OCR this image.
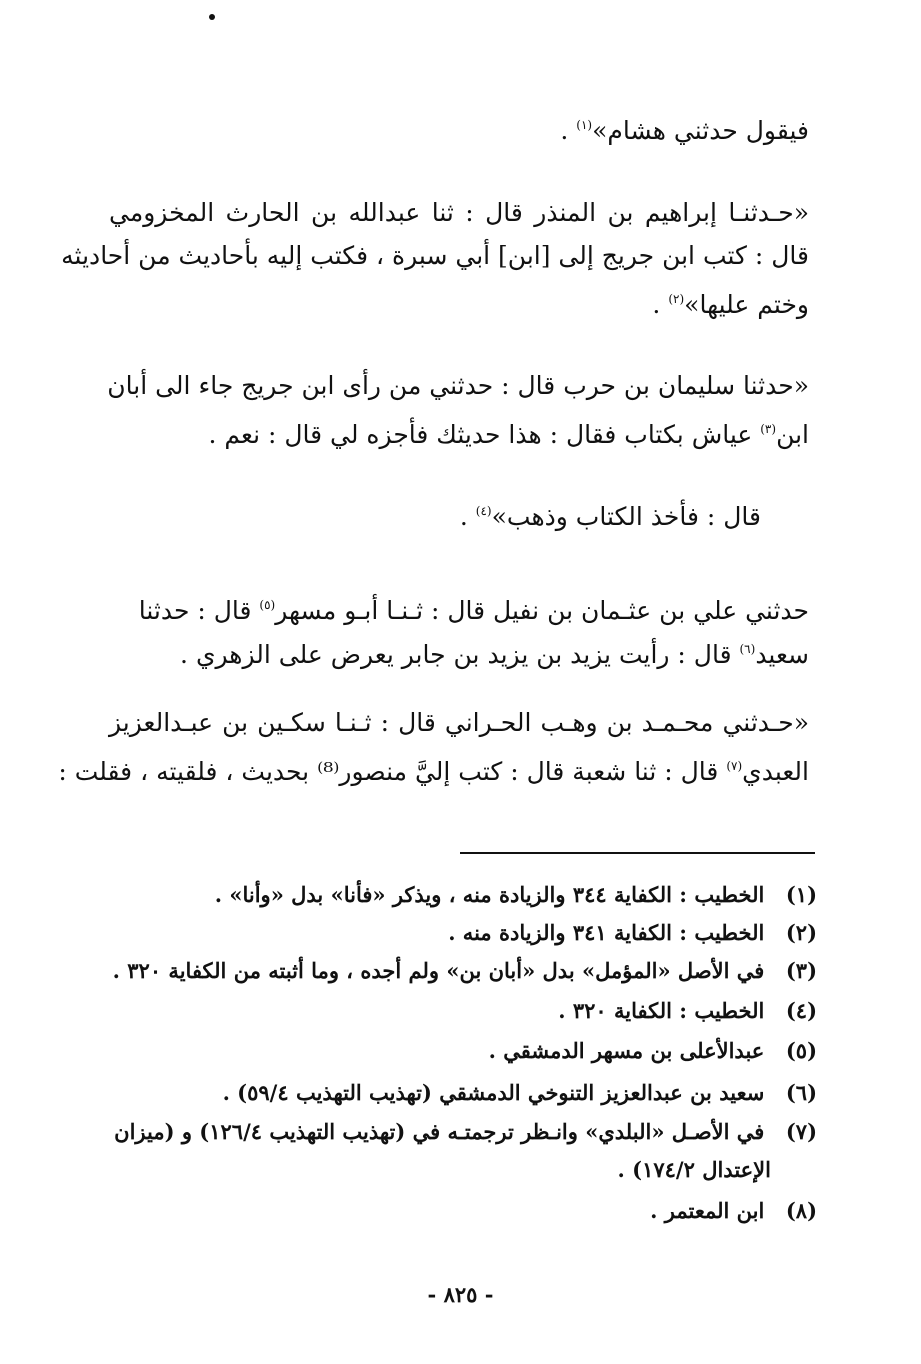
فيقول حدثني هشام»$^{(١)}$ .
«حـدثنـا إبراهيم بن المنذر قال : ثنا عبدالله بن الحارث المخزومي
قال : كتب ابن جريج إلى [ابن] أبي سبرة ، فكتب إليه بأحاديث من أحاديثه
وختم عليها»$^{(٢)}$ .
«حدثنا سليمان بن حرب قال : حدثني من رأى ابن جريج جاء الى أبان
ابن$^{(٣)}$ عياش بكتاب فقال : هذا حديثك فأجزه لي قال : نعم .
قال : فأخذ الكتاب وذهب»$^{(٤)}$ .
حدثني علي بن عثـمان بن نفيل قال : ثـنـا أبـو مسهر$^{(٥)}$ قال : حدثنا
سعيد$^{(٦)}$ قال : رأيت يزيد بن يزيد بن جابر يعرض على الزهري .
«حـدثني محـمـد بن وهـب الحـراني قال : ثـنـا سكـين بن عبـدالعزيز
العبدي$^{(٧)}$ قال : ثنا شعبة قال : كتب إليَّ منصور⁽⁸⁾ بحديث ، فلقيته ، فقلت :
(١) الخطيب : الكفاية ٣٤٤ والزيادة منه ، ويذكر «فأنا» بدل «وأنا» .
(٢) الخطيب : الكفاية ٣٤١ والزيادة منه .
(٣) في الأصل «المؤمل» بدل «أبان بن» ولم أجده ، وما أثبته من الكفاية ٣٢٠ .
(٤) الخطيب : الكفاية ٣٢٠ .
(٥) عبدالأعلى بن مسهر الدمشقي .
(٦) سعيد بن عبدالعزيز التنوخي الدمشقي (تهذيب التهذيب ٥٩/٤) .
(٧) في الأصـل «البلدي» وانـظر ترجمتـه في (تهذيب التهذيب ١٢٦/٤) و (ميزان
الإعتدال ١٧٤/٢) .
(٨) ابن المعتمر .
- ٨٢٥ -
